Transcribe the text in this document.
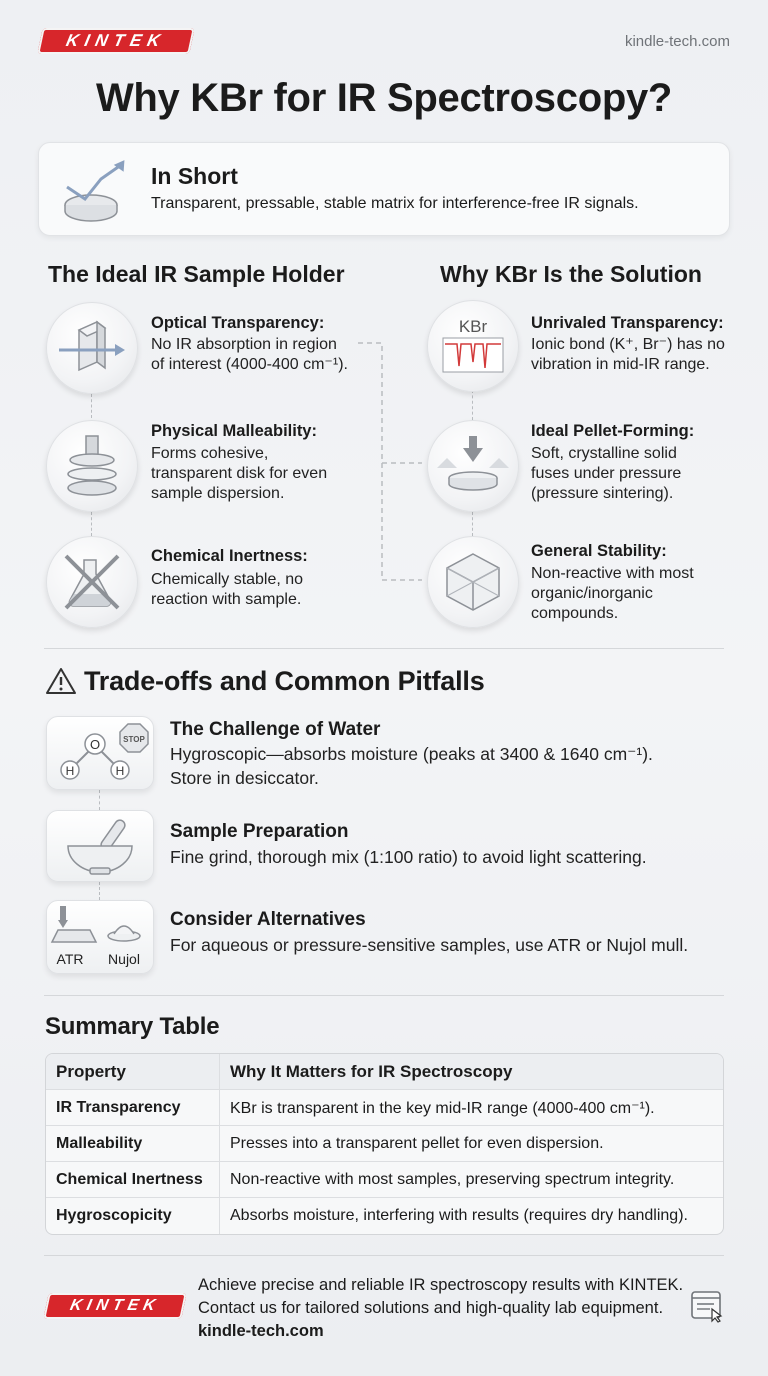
KINTEK	kindle-tech.com
Why KBr for IR Spectroscopy?
In Short
Transparent, pressable, stable matrix for interference-free IR signals.
The Ideal IR Sample Holder	Why KBr Is the Solution
Optical Transparency:
No IR absorption in region
of interest (4000-400 cm⁻¹).
Physical Malleability:
Forms cohesive,
transparent disk for even
sample dispersion.
Chemical Inertness:
Chemically stable, no
reaction with sample.
KBr	Unrivaled Transparency:
Ionic bond (K⁺, Br⁻) has no
vibration in mid-IR range.
Ideal Pellet-Forming:
Soft, crystalline solid
fuses under pressure
(pressure sintering).
General Stability:
Non-reactive with most
organic/inorganic
compounds.
Trade-offs and Common Pitfalls
O
H	H
STOP The Challenge of Water
Hygroscopic—absorbs moisture (peaks at 3400 & 1640 cm⁻¹).
Store in desiccator.
Sample Preparation
Fine grind, thorough mix (1:100 ratio) to avoid light scattering.
ATR Nujol
Consider Alternatives
For aqueous or pressure-sensitive samples, use ATR or Nujol mull.
Summary Table
Property	Why It Matters for IR Spectroscopy
IR Transparency	KBr is transparent in the key mid-IR range (4000-400 cm⁻¹).
Malleability	Presses into a transparent pellet for even dispersion.
Chemical Inertness	Non-reactive with most samples, preserving spectrum integrity.
Hygroscopicity	Absorbs moisture, interfering with results (requires dry handling).
KINTEK
Achieve precise and reliable IR spectroscopy results with KINTEK.
Contact us for tailored solutions and high-quality lab equipment.
kindle-tech.com
